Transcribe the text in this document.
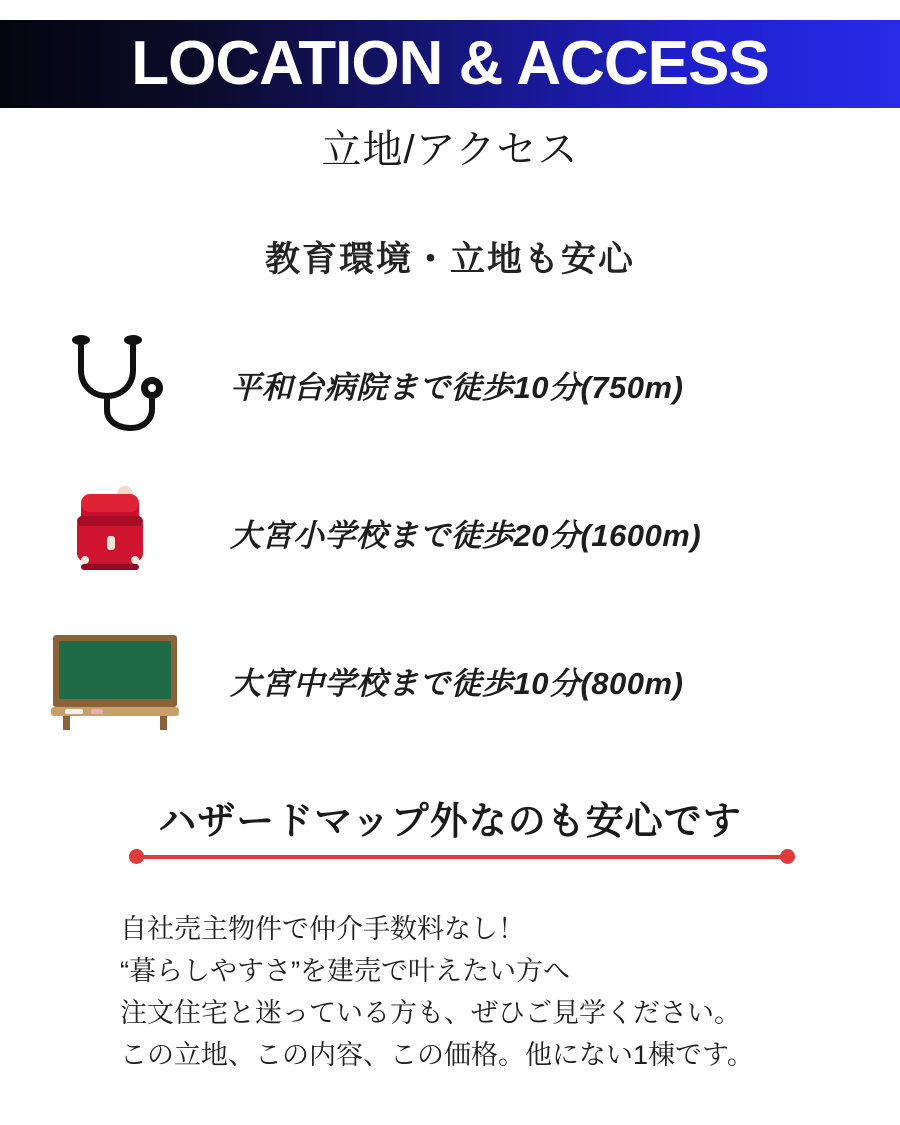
LOCATION & ACCESS
立地/アクセス
教育環境・立地も安心
平和台病院まで徒歩10分(750m)
大宮小学校まで徒歩20分(1600m)
大宮中学校まで徒歩10分(800m)
ハザードマップ外なのも安心です
自社売主物件で仲介手数料なし！
“暮らしやすさ”を建売で叶えたい方へ
注文住宅と迷っている方も、ぜひご見学ください。
この立地、この内容、この価格。他にない1棟です。
